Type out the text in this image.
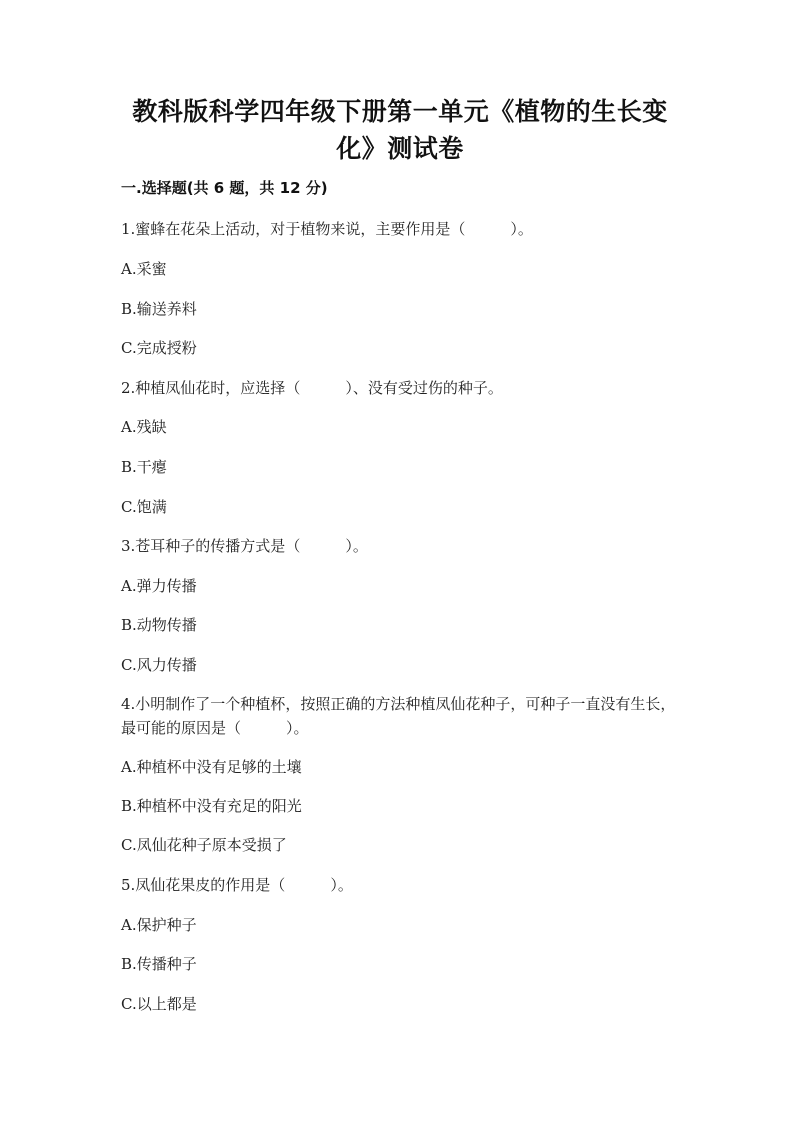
教科版科学四年级下册第一单元《植物的生长变
化》测试卷
一.选择题(共 6 题，共 12 分)
1.蜜蜂在花朵上活动，对于植物来说，主要作用是（　　　）。
A.采蜜
B.输送养料
C.完成授粉
2.种植凤仙花时，应选择（　　　）、没有受过伤的种子。
A.残缺
B.干瘪
C.饱满
3.苍耳种子的传播方式是（　　　）。
A.弹力传播
B.动物传播
C.风力传播
4.小明制作了一个种植杯，按照正确的方法种植凤仙花种子，可种子一直没有生长，最可能的原因是（　　　）。
A.种植杯中没有足够的土壤
B.种植杯中没有充足的阳光
C.凤仙花种子原本受损了
5.凤仙花果皮的作用是（　　　）。
A.保护种子
B.传播种子
C.以上都是
